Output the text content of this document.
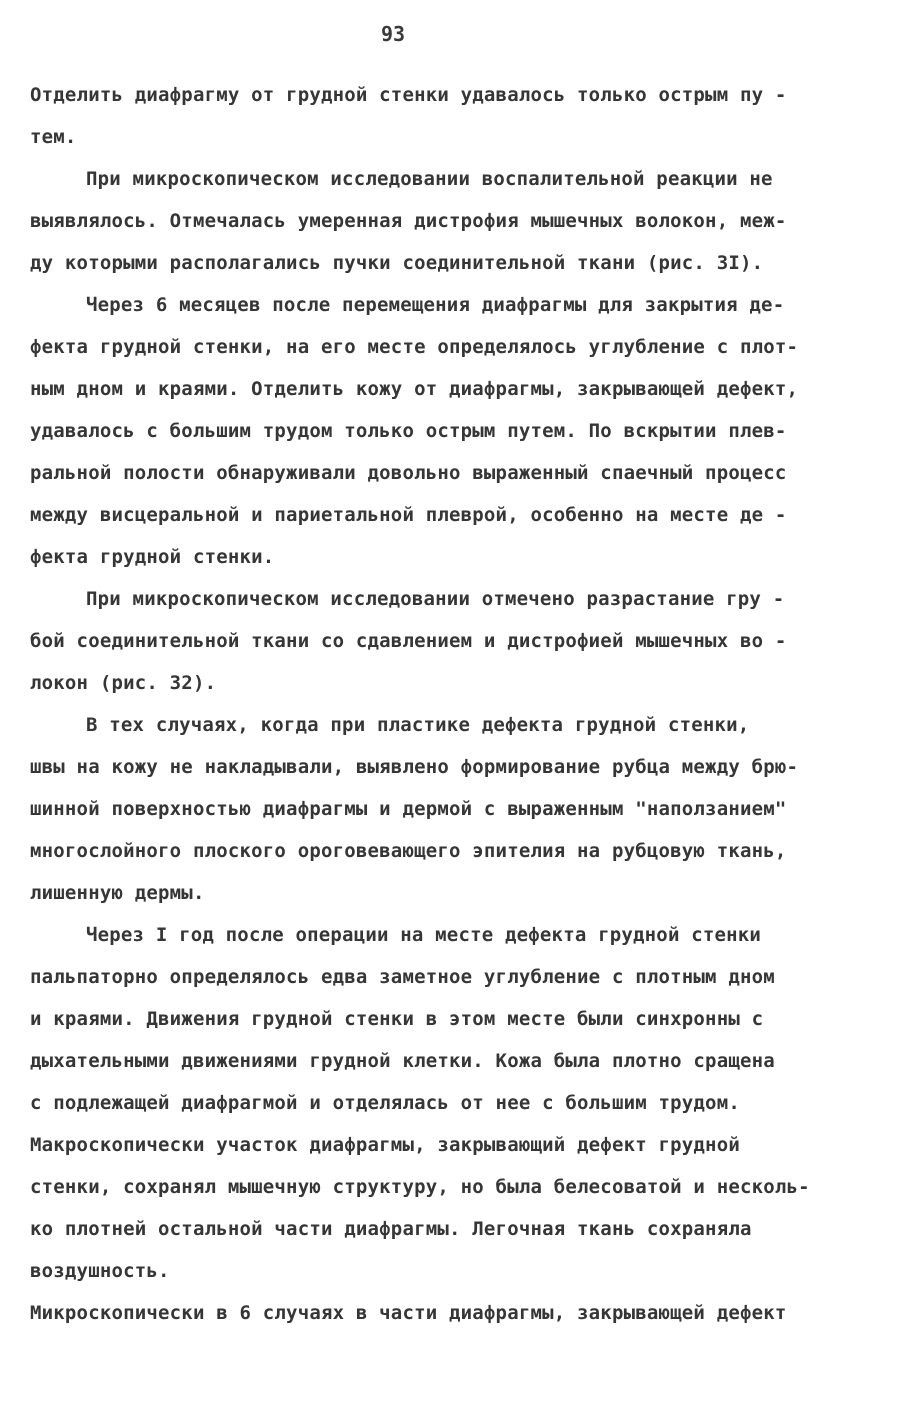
93
Отделить диафрагму от грудной стенки удавалось только острым пу -
тем.
При микроскопическом исследовании воспалительной реакции не
выявлялось. Отмечалась умеренная дистрофия мышечных волокон, меж-
ду которыми располагались пучки соединительной ткани (рис. 3I).
Через 6 месяцев после перемещения диафрагмы для закрытия де-
фекта грудной стенки, на его месте определялось углубление с плот-
ным дном и краями. Отделить кожу от диафрагмы, закрывающей дефект,
удавалось с большим трудом только острым путем. По вскрытии плев-
ральной полости обнаруживали довольно выраженный спаечный процесс
между висцеральной и париетальной плеврой, особенно на месте де -
фекта грудной стенки.
При микроскопическом исследовании отмечено разрастание гру -
бой соединительной ткани со сдавлением и дистрофией мышечных во -
локон (рис. 32).
В тех случаях, когда при пластике дефекта грудной стенки,
швы на кожу не накладывали, выявлено формирование рубца между брю-
шинной поверхностью диафрагмы и дермой с выраженным "наползанием"
многослойного плоского ороговевающего эпителия на рубцовую ткань,
лишенную дермы.
Через I год после операции на месте дефекта грудной стенки
пальпаторно определялось едва заметное углубление с плотным дном
и краями. Движения грудной стенки в этом месте были синхронны с
дыхательными движениями грудной клетки. Кожа была плотно сращена
с подлежащей диафрагмой и отделялась от нее с большим трудом.
Макроскопически участок диафрагмы, закрывающий дефект грудной
стенки, сохранял мышечную структуру, но была белесоватой и несколь-
ко плотней остальной части диафрагмы. Легочная ткань сохраняла
воздушность.
Микроскопически в 6 случаях в части диафрагмы, закрывающей дефект
